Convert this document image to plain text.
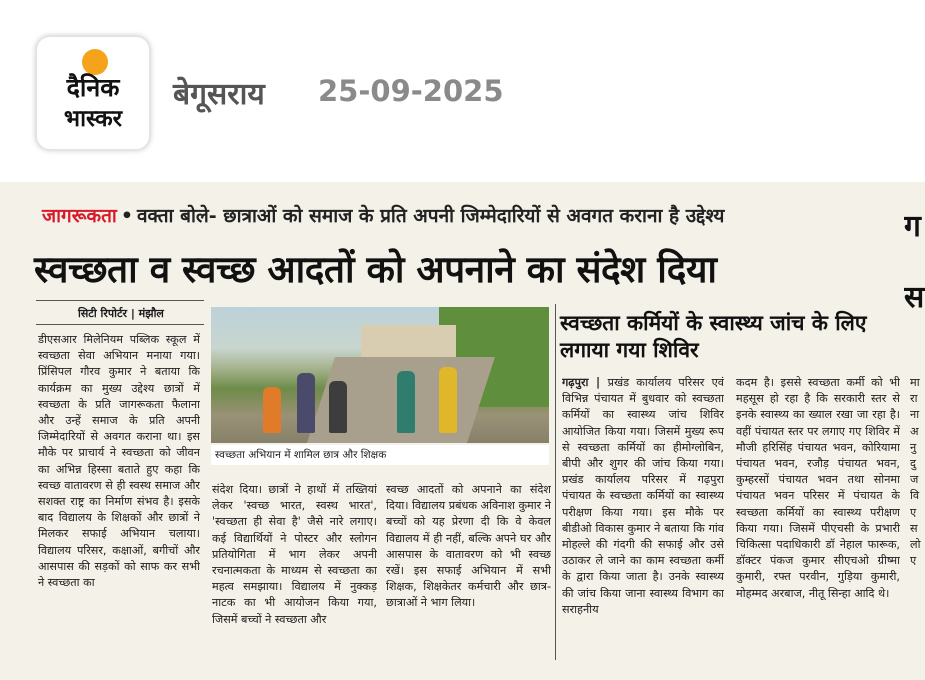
दैनिक
भास्कर
बेगूसराय 25-09-2025
जागरूकता • वक्ता बोले- छात्राओं को समाज के प्रति अपनी जिम्मेदारियों से अवगत कराना है उद्देश्य
स्वच्छता व स्वच्छ आदतों को अपनाने का संदेश दिया
ग
स
सिटी रिपोर्टर | मंझौल
डीएसआर मिलेनियम पब्लिक स्कूल में स्वच्छता सेवा अभियान मनाया गया। प्रिंसिपल गौरव कुमार ने बताया कि कार्यक्रम का मुख्य उद्देश्य छात्रों में स्वच्छता के प्रति जागरूकता फैलाना और उन्हें समाज के प्रति अपनी जिम्मेदारियों से अवगत कराना था। इस मौके पर प्राचार्य ने स्वच्छता को जीवन का अभिन्न हिस्सा बताते हुए कहा कि स्वच्छ वातावरण से ही स्वस्थ समाज और सशक्त राष्ट्र का निर्माण संभव है। इसके बाद विद्यालय के शिक्षकों और छात्रों ने मिलकर सफाई अभियान चलाया। विद्यालय परिसर, कक्षाओं, बगीचों और आसपास की सड़कों को साफ कर सभी ने स्वच्छता का
स्वच्छता अभियान में शामिल छात्र और शिक्षक
संदेश दिया। छात्रों ने हाथों में तख्तियां लेकर 'स्वच्छ भारत, स्वस्थ भारत', 'स्वच्छता ही सेवा है' जैसे नारे लगाए। कई विद्यार्थियों ने पोस्टर और स्लोगन प्रतियोगिता में भाग लेकर अपनी रचनात्मकता के माध्यम से स्वच्छता का महत्व समझाया। विद्यालय में नुक्कड़ नाटक का भी आयोजन किया गया, जिसमें बच्चों ने स्वच्छता और
स्वच्छ आदतों को अपनाने का संदेश दिया। विद्यालय प्रबंधक अविनाश कुमार ने बच्चों को यह प्रेरणा दी कि वे केवल विद्यालय में ही नहीं, बल्कि अपने घर और आसपास के वातावरण को भी स्वच्छ रखें। इस सफाई अभियान में सभी शिक्षक, शिक्षकेतर कर्मचारी और छात्र-छात्राओं ने भाग लिया।
स्वच्छता कर्मियों के स्वास्थ्य जांच के लिए लगाया गया शिविर
गढ़पुरा | प्रखंड कार्यालय परिसर एवं विभिन्न पंचायत में बुधवार को स्वच्छता कर्मियों का स्वास्थ्य जांच शिविर आयोजित किया गया। जिसमें मुख्य रूप से स्वच्छता कर्मियों का हीमोग्लोबिन, बीपी और शुगर की जांच किया गया। प्रखंड कार्यालय परिसर में गढ़पुरा पंचायत के स्वच्छता कर्मियों का स्वास्थ्य परीक्षण किया गया। इस मौके पर बीडीओ विकास कुमार ने बताया कि गांव मोहल्ले की गंदगी की सफाई और उसे उठाकर ले जाने का काम स्वच्छता कर्मी के द्वारा किया जाता है। उनके स्वास्थ्य की जांच किया जाना स्वास्थ्य विभाग का सराहनीय
कदम है। इससे स्वच्छता कर्मी को भी महसूस हो रहा है कि सरकारी स्तर से इनके स्वास्थ्य का ख्याल रखा जा रहा है। वहीं पंचायत स्तर पर लगाए गए शिविर में मौजी हरिसिंह पंचायत भवन, कोरियामा पंचायत भवन, रजौड़ पंचायत भवन, कुम्हरसों पंचायत भवन तथा सोनमा पंचायत भवन परिसर में पंचायत के स्वच्छता कर्मियों का स्वास्थ्य परीक्षण किया गया। जिसमें पीएचसी के प्रभारी चिकित्सा पदाधिकारी डॉ नेहाल फारूक, डॉक्टर पंकज कुमार सीएचओ ग्रीष्मा कुमारी, रफ्त परवीन, गुड़िया कुमारी, मोहम्मद अरबाज, नीतू सिन्हा आदि थे।
मा
रा
ना
अ
नु
दु
ज
वि
ए
स
लो
ए
